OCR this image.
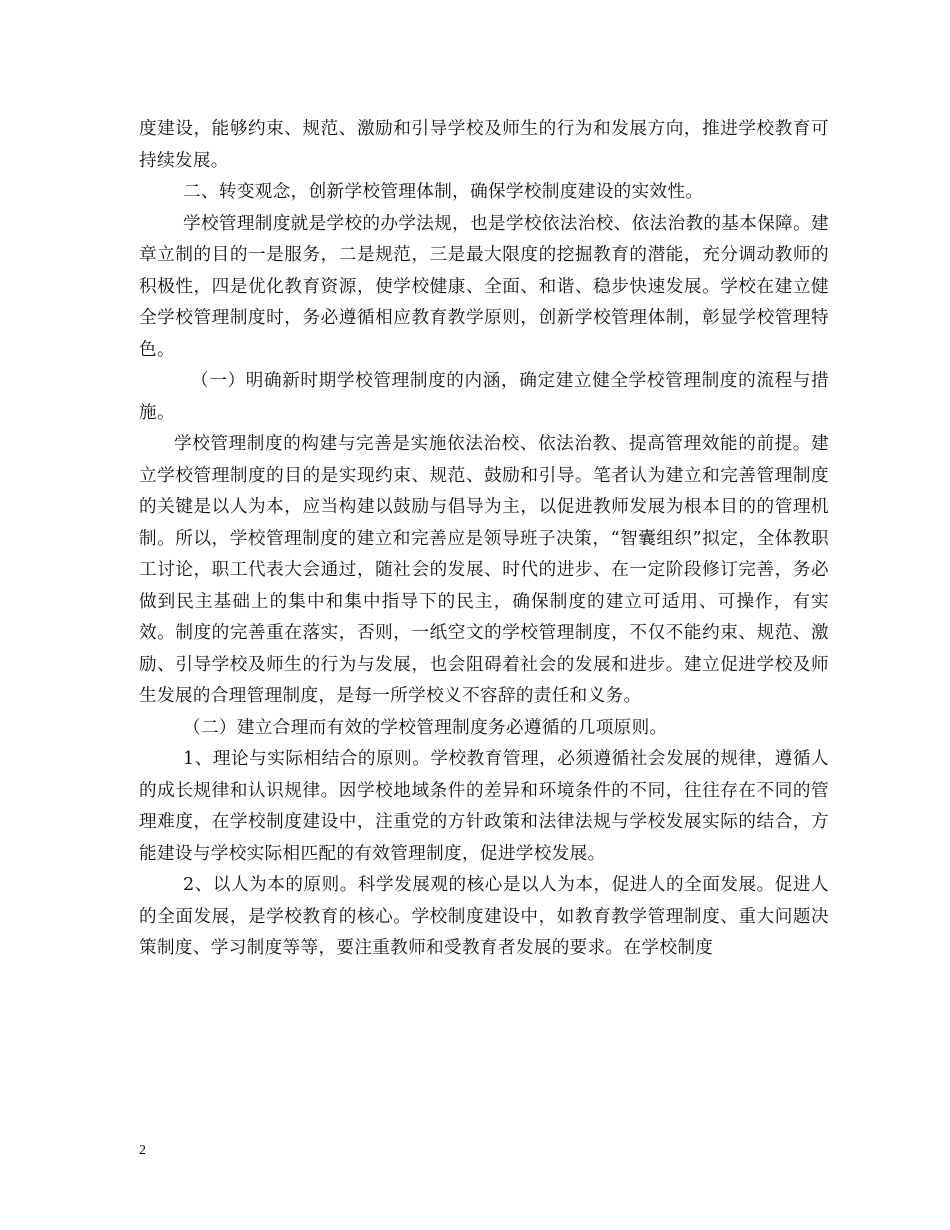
度建设，能够约束、规范、激励和引导学校及师生的行为和发展方向，推进学校教育可持续发展。

二、转变观念，创新学校管理体制，确保学校制度建设的实效性。

学校管理制度就是学校的办学法规，也是学校依法治校、依法治教的基本保障。建章立制的目的一是服务，二是规范，三是最大限度的挖掘教育的潜能，充分调动教师的积极性，四是优化教育资源，使学校健康、全面、和谐、稳步快速发展。学校在建立健全学校管理制度时，务必遵循相应教育教学原则，创新学校管理体制，彰显学校管理特色。

（一）明确新时期学校管理制度的内涵，确定建立健全学校管理制度的流程与措施。

学校管理制度的构建与完善是实施依法治校、依法治教、提高管理效能的前提。建立学校管理制度的目的是实现约束、规范、鼓励和引导。笔者认为建立和完善管理制度的关键是以人为本，应当构建以鼓励与倡导为主，以促进教师发展为根本目的的管理机制。所以，学校管理制度的建立和完善应是领导班子决策，“智囊组织”拟定，全体教职工讨论，职工代表大会通过，随社会的发展、时代的进步、在一定阶段修订完善，务必做到民主基础上的集中和集中指导下的民主，确保制度的建立可适用、可操作，有实效。制度的完善重在落实，否则，一纸空文的学校管理制度，不仅不能约束、规范、激励、引导学校及师生的行为与发展，也会阻碍着社会的发展和进步。建立促进学校及师生发展的合理管理制度，是每一所学校义不容辞的责任和义务。

（二）建立合理而有效的学校管理制度务必遵循的几项原则。

1、理论与实际相结合的原则。学校教育管理，必须遵循社会发展的规律，遵循人的成长规律和认识规律。因学校地域条件的差异和环境条件的不同，往往存在不同的管理难度，在学校制度建设中，注重党的方针政策和法律法规与学校发展实际的结合，方能建设与学校实际相匹配的有效管理制度，促进学校发展。

2、以人为本的原则。科学发展观的核心是以人为本，促进人的全面发展。促进人的全面发展，是学校教育的核心。学校制度建设中，如教育教学管理制度、重大问题决策制度、学习制度等等，要注重教师和受教育者发展的要求。在学校制度

2
